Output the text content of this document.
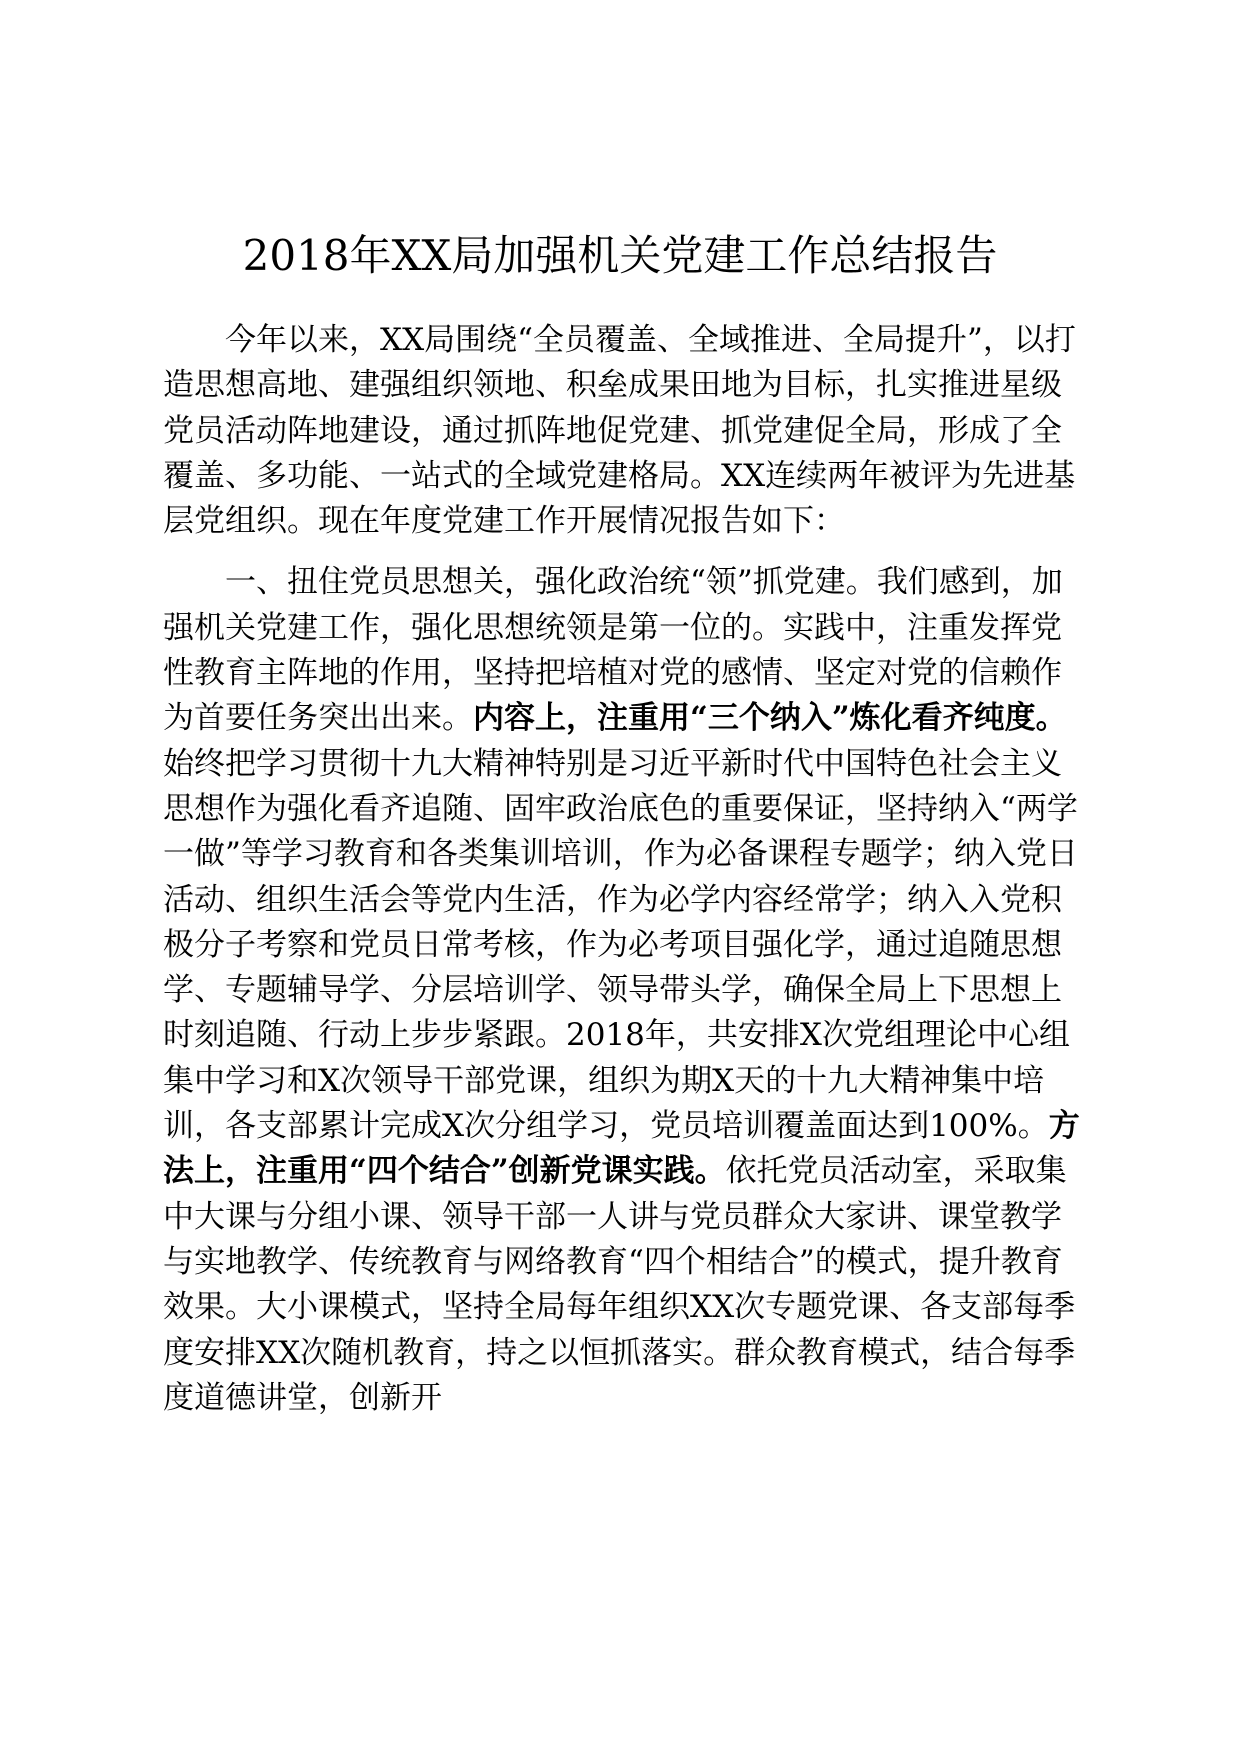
2018年XX局加强机关党建工作总结报告

今年以来，XX局围绕“全员覆盖、全域推进、全局提升”，以打造思想高地、建强组织领地、积垒成果田地为目标，扎实推进星级党员活动阵地建设，通过抓阵地促党建、抓党建促全局，形成了全覆盖、多功能、一站式的全域党建格局。XX连续两年被评为先进基层党组织。现在年度党建工作开展情况报告如下：

一、扭住党员思想关，强化政治统“领”抓党建。我们感到，加强机关党建工作，强化思想统领是第一位的。实践中，注重发挥党性教育主阵地的作用，坚持把培植对党的感情、坚定对党的信赖作为首要任务突出出来。内容上，注重用“三个纳入”炼化看齐纯度。始终把学习贯彻十九大精神特别是习近平新时代中国特色社会主义思想作为强化看齐追随、固牢政治底色的重要保证，坚持纳入“两学一做”等学习教育和各类集训培训，作为必备课程专题学；纳入党日活动、组织生活会等党内生活，作为必学内容经常学；纳入入党积极分子考察和党员日常考核，作为必考项目强化学，通过追随思想学、专题辅导学、分层培训学、领导带头学，确保全局上下思想上时刻追随、行动上步步紧跟。2018年，共安排X次党组理论中心组集中学习和X次领导干部党课，组织为期X天的十九大精神集中培训，各支部累计完成X次分组学习，党员培训覆盖面达到100%。方法上，注重用“四个结合”创新党课实践。依托党员活动室，采取集中大课与分组小课、领导干部一人讲与党员群众大家讲、课堂教学与实地教学、传统教育与网络教育“四个相结合”的模式，提升教育效果。大小课模式，坚持全局每年组织XX次专题党课、各支部每季度安排XX次随机教育，持之以恒抓落实。群众教育模式，结合每季度道德讲堂，创新开
